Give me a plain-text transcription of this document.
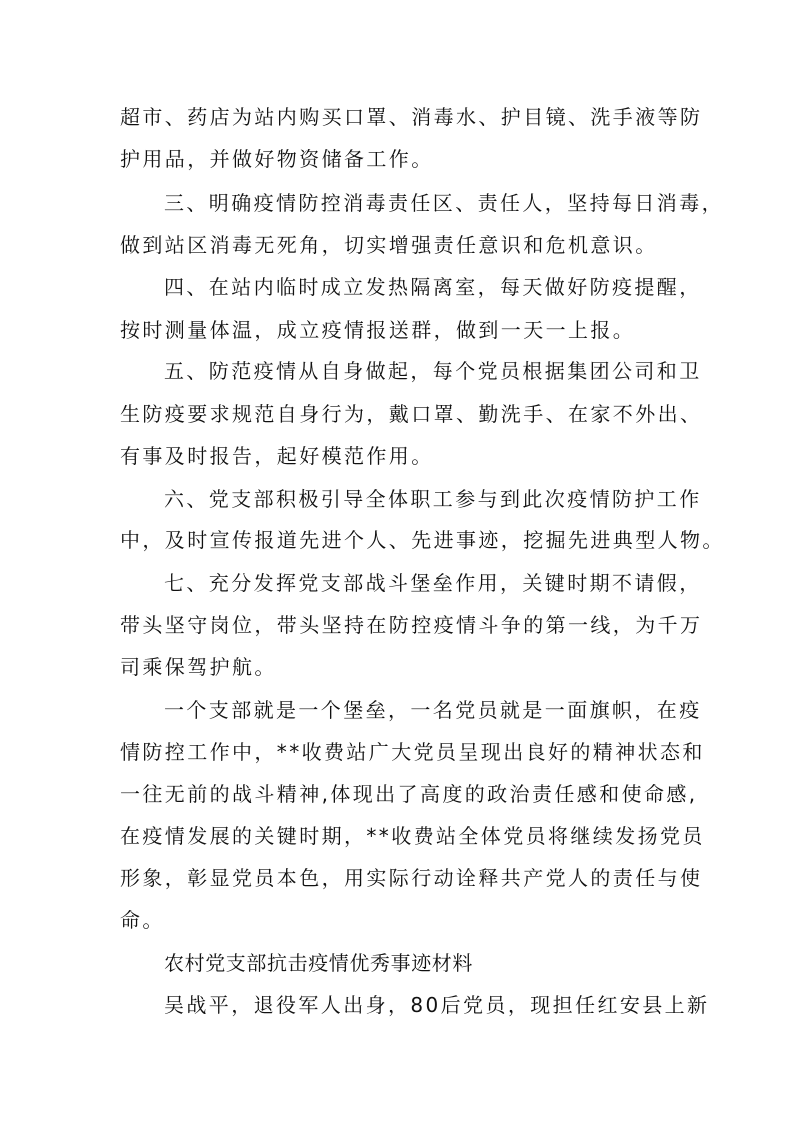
超市、药店为站内购买口罩、消毒水、护目镜、洗手液等防
护用品，并做好物资储备工作。
三、明确疫情防控消毒责任区、责任人，坚持每日消毒，
做到站区消毒无死角，切实增强责任意识和危机意识。
四、在站内临时成立发热隔离室，每天做好防疫提醒，
按时测量体温，成立疫情报送群，做到一天一上报。
五、防范疫情从自身做起，每个党员根据集团公司和卫
生防疫要求规范自身行为，戴口罩、勤洗手、在家不外出、
有事及时报告，起好模范作用。
六、党支部积极引导全体职工参与到此次疫情防护工作
中，及时宣传报道先进个人、先进事迹，挖掘先进典型人物。
七、充分发挥党支部战斗堡垒作用，关键时期不请假，
带头坚守岗位，带头坚持在防控疫情斗争的第一线，为千万
司乘保驾护航。
一个支部就是一个堡垒，一名党员就是一面旗帜，在疫
情防控工作中，**收费站广大党员呈现出良好的精神状态和
一往无前的战斗精神,体现出了高度的政治责任感和使命感,
在疫情发展的关键时期，**收费站全体党员将继续发扬党员
形象，彰显党员本色，用实际行动诠释共产党人的责任与使
命。
农村党支部抗击疫情优秀事迹材料
吴战平，退役军人出身，80后党员，现担任红安县上新
